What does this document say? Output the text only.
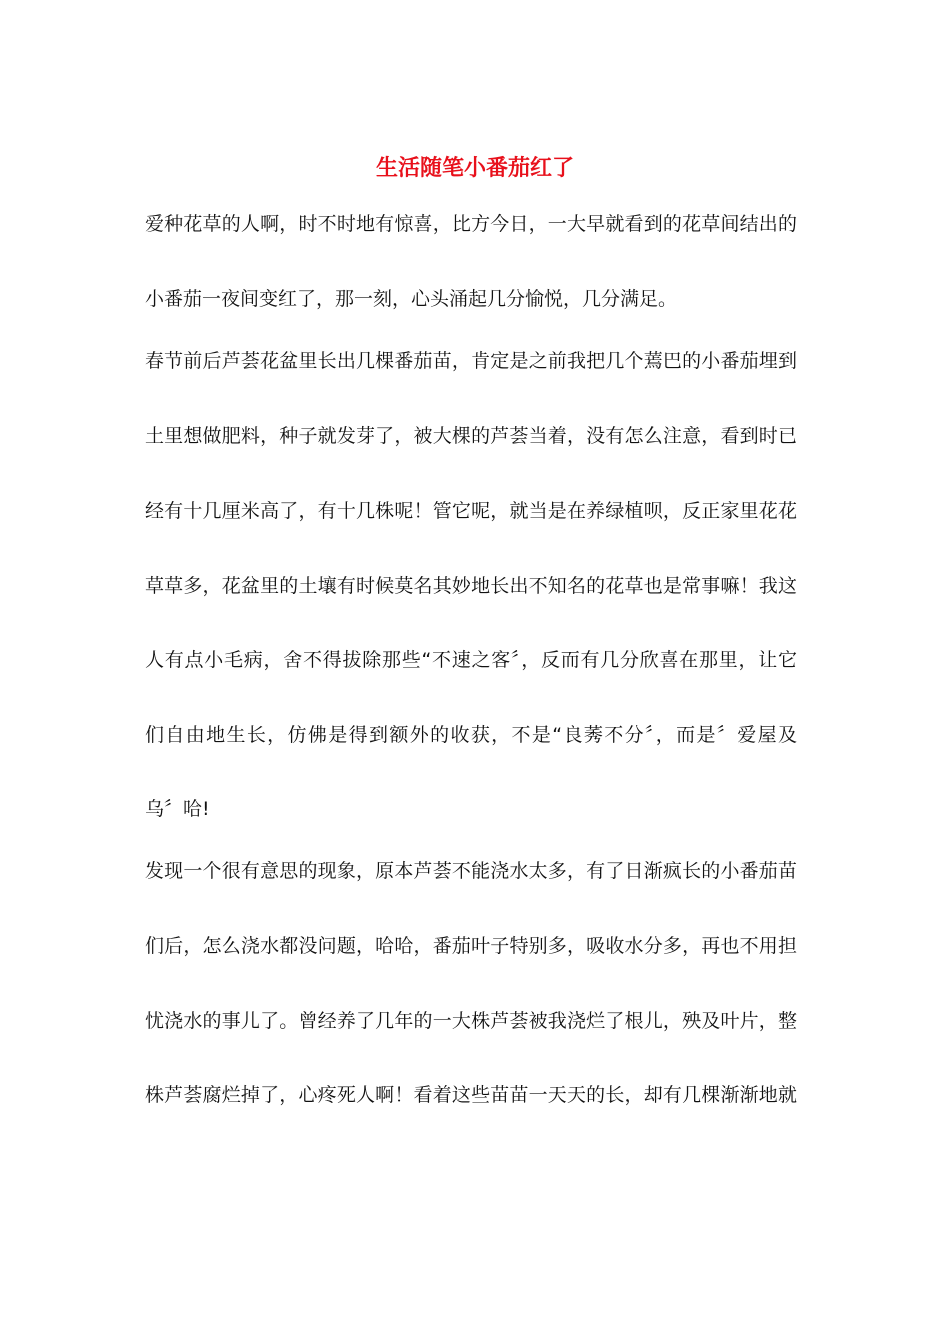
生活随笔小番茄红了
爱种花草的人啊，时不时地有惊喜，比方今日，一大早就看到的花草间结出的
小番茄一夜间变红了，那一刻，心头涌起几分愉悦，几分满足。
春节前后芦荟花盆里长出几棵番茄苗，肯定是之前我把几个蔫巴的小番茄埋到
土里想做肥料，种子就发芽了，被大棵的芦荟当着，没有怎么注意，看到时已
经有十几厘米高了，有十几株呢！管它呢，就当是在养绿植呗，反正家里花花
草草多，花盆里的土壤有时候莫名其妙地长出不知名的花草也是常事嘛！我这
人有点小毛病，舍不得拔除那些“不速之客〞，反而有几分欣喜在那里，让它
们自由地生长，仿佛是得到额外的收获，不是“良莠不分〞，而是〞爱屋及
乌〞哈!
发现一个很有意思的现象，原本芦荟不能浇水太多，有了日渐疯长的小番茄苗
们后，怎么浇水都没问题，哈哈，番茄叶子特别多，吸收水分多，再也不用担
忧浇水的事儿了。曾经养了几年的一大株芦荟被我浇烂了根儿，殃及叶片，整
株芦荟腐烂掉了，心疼死人啊！看着这些苗苗一天天的长，却有几棵渐渐地就
